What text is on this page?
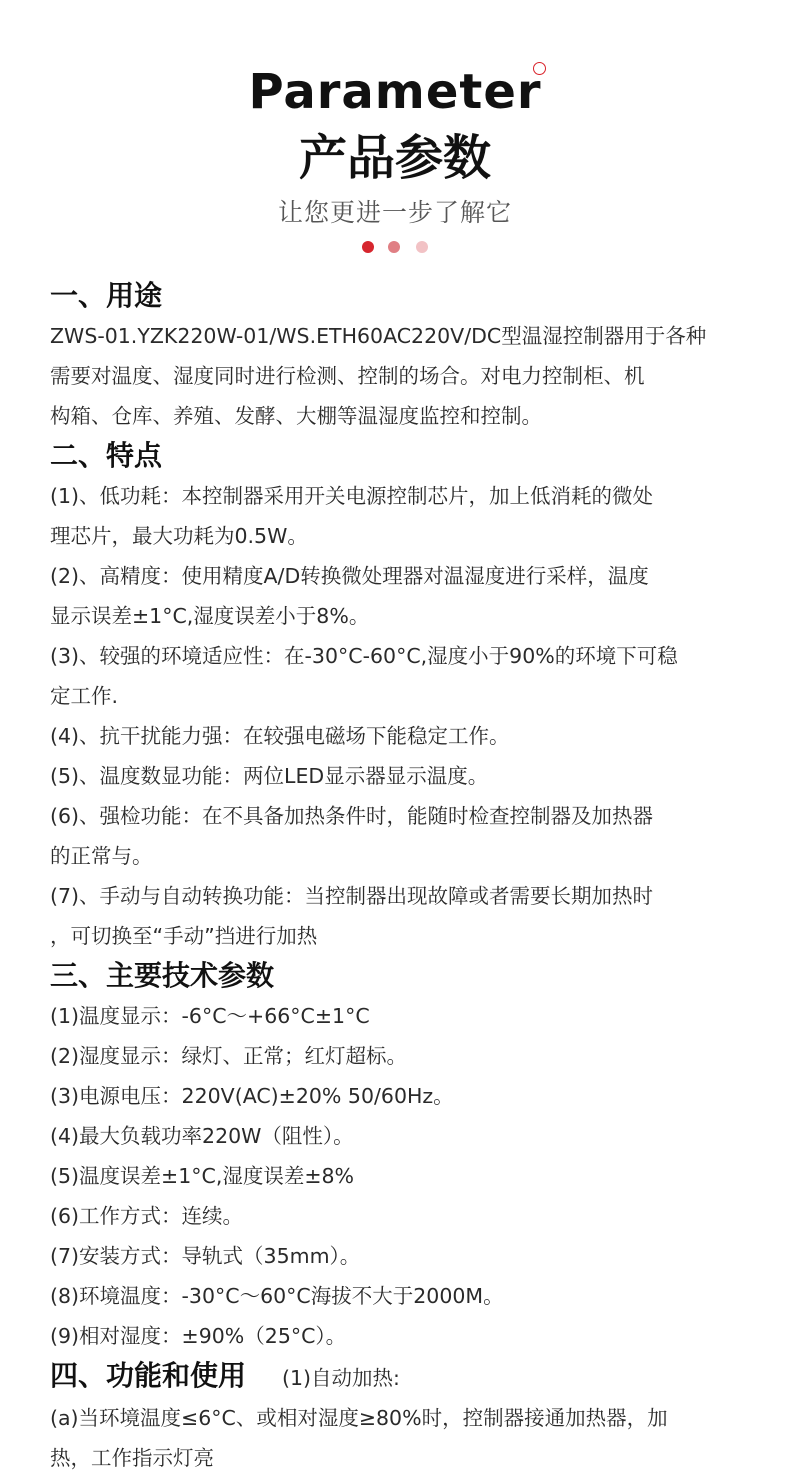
Parameter
产品参数
让您更进一步了解它
一、用途

ZWS-01.YZK220W-01/WS.ETH60AC220V/DC型温湿控制器用于各种

需要对温度、湿度同时进行检测、控制的场合。对电力控制柜、机

构箱、仓库、养殖、发酵、大棚等温湿度监控和控制。

二、特点

(1)、低功耗：本控制器采用开关电源控制芯片，加上低消耗的微处
理芯片，最大功耗为0.5W。

(2)、高精度：使用精度A/D转换微处理器对温湿度进行采样，温度
显示误差±1°C,湿度误差小于8%。

(3)、较强的环境适应性：在-30°C-60°C,湿度小于90%的环境下可稳
定工作.

(4)、抗干扰能力强：在较强电磁场下能稳定工作。

(5)、温度数显功能：两位LED显示器显示温度。

(6)、强检功能：在不具备加热条件时，能随时检查控制器及加热器
的正常与。

(7)、手动与自动转换功能：当控制器出现故障或者需要长期加热时
，可切换至“手动”挡进行加热

三、主要技术参数

(1)温度显示：-6°C～+66°C±1°C

(2)湿度显示：绿灯、正常；红灯超标。

(3)电源电压：220V(AC)±20% 50/60Hz。

(4)最大负载功率220W（阻性）。

(5)温度误差±1°C,湿度误差±8%

(6)工作方式：连续。

(7)安装方式：导轨式（35mm）。

(8)环境温度：-30°C～60°C海拔不大于2000M。

(9)相对湿度：±90%（25°C）。

四、功能和使用 (1)自动加热:

(a)当环境温度≤6°C、或相对湿度≥80%时，控制器接通加热器，加

热，工作指示灯亮
